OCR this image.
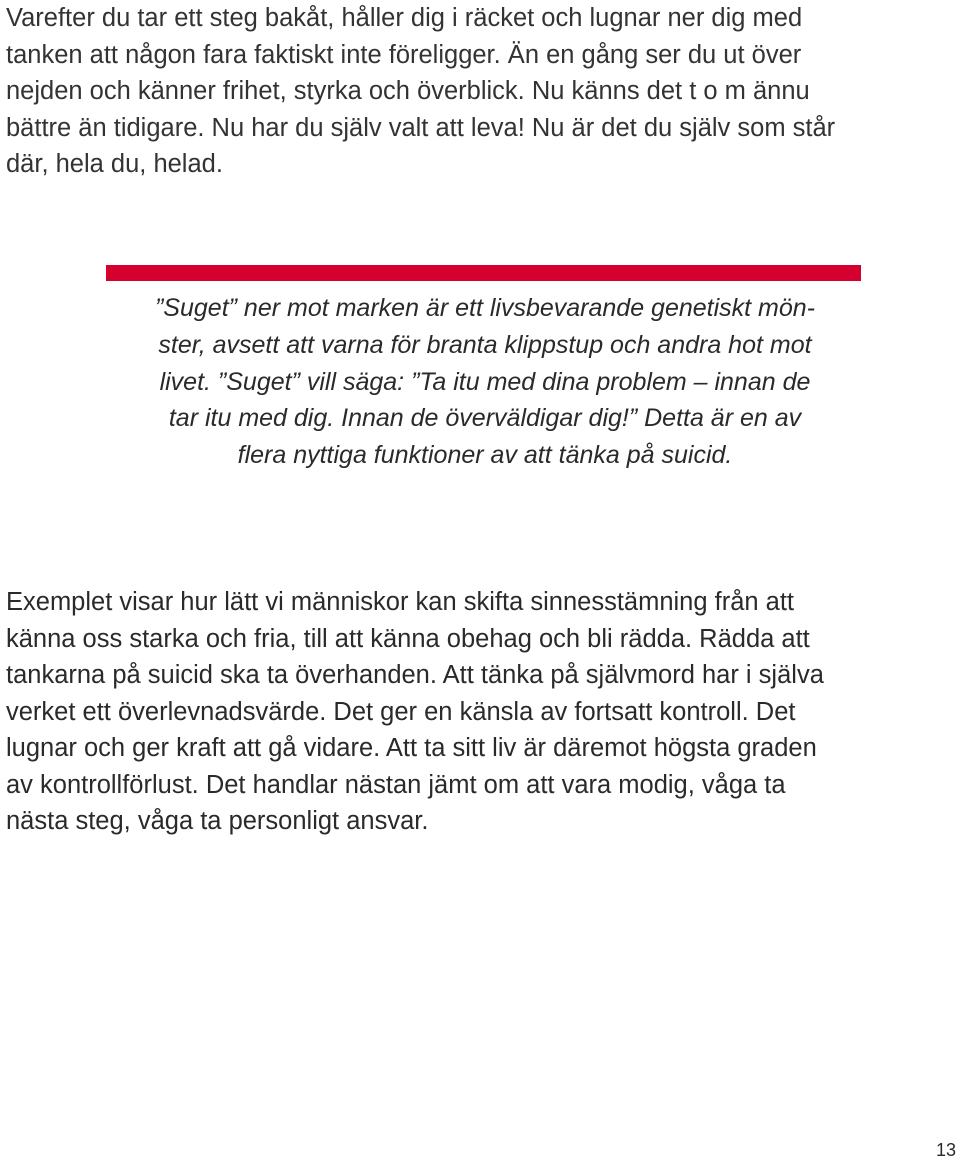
Varefter du tar ett steg bakåt, håller dig i räcket och lugnar ner dig med
tanken att någon fara faktiskt inte föreligger. Än en gång ser du ut över
nejden och känner frihet, styrka och överblick. Nu känns det t o m ännu
bättre än tidigare. Nu har du själv valt att leva! Nu är det du själv som står
där, hela du, helad.

”Suget” ner mot marken är ett livsbevarande genetiskt mön-
ster, avsett att varna för branta klippstup och andra hot mot
livet. ”Suget” vill säga: ”Ta itu med dina problem – innan de
tar itu med dig. Innan de överväldigar dig!” Detta är en av
flera nyttiga funktioner av att tänka på suicid.

Exemplet visar hur lätt vi människor kan skifta sinnesstämning från att
känna oss starka och fria, till att känna obehag och bli rädda. Rädda att
tankarna på suicid ska ta överhanden. Att tänka på självmord har i själva
verket ett överlevnadsvärde. Det ger en känsla av fortsatt kontroll. Det
lugnar och ger kraft att gå vidare. Att ta sitt liv är däremot högsta graden
av kontrollförlust. Det handlar nästan jämt om att vara modig, våga ta
nästa steg, våga ta personligt ansvar.

13
